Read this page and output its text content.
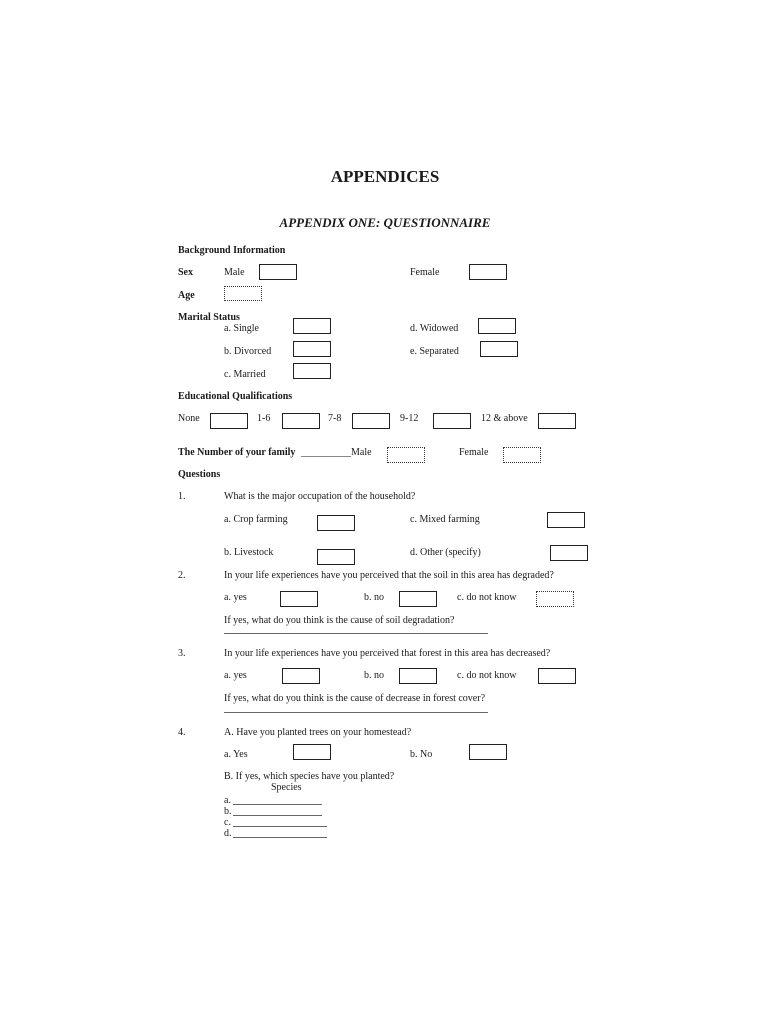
APPENDICES
APPENDIX ONE: QUESTIONNAIRE
Background Information
Sex	Male	Female
Age
Marital Status
a. Single	d. Widowed
b. Divorced	e. Separated
c. Married
Educational Qualifications
None	1-6	7-8	9-12	12 & above
The Number of your family __________ Male	Female
Questions
1.	What is the major occupation of the household?
a. Crop farming	c. Mixed farming
b. Livestock	d. Other (specify)
2.	In your life experiences have you perceived that the soil in this area has degraded?
a. yes	b. no	c. do not know
If yes, what do you think is the cause of soil degradation?
3.	In your life experiences have you perceived that forest in this area has decreased?
a. yes	b. no	c. do not know
If yes, what do you think is the cause of decrease in forest cover?
4.	A. Have you planted trees on your homestead?
a. Yes	b. No
B. If yes, which species have you planted?
Species
a.
b.
c.
d.
